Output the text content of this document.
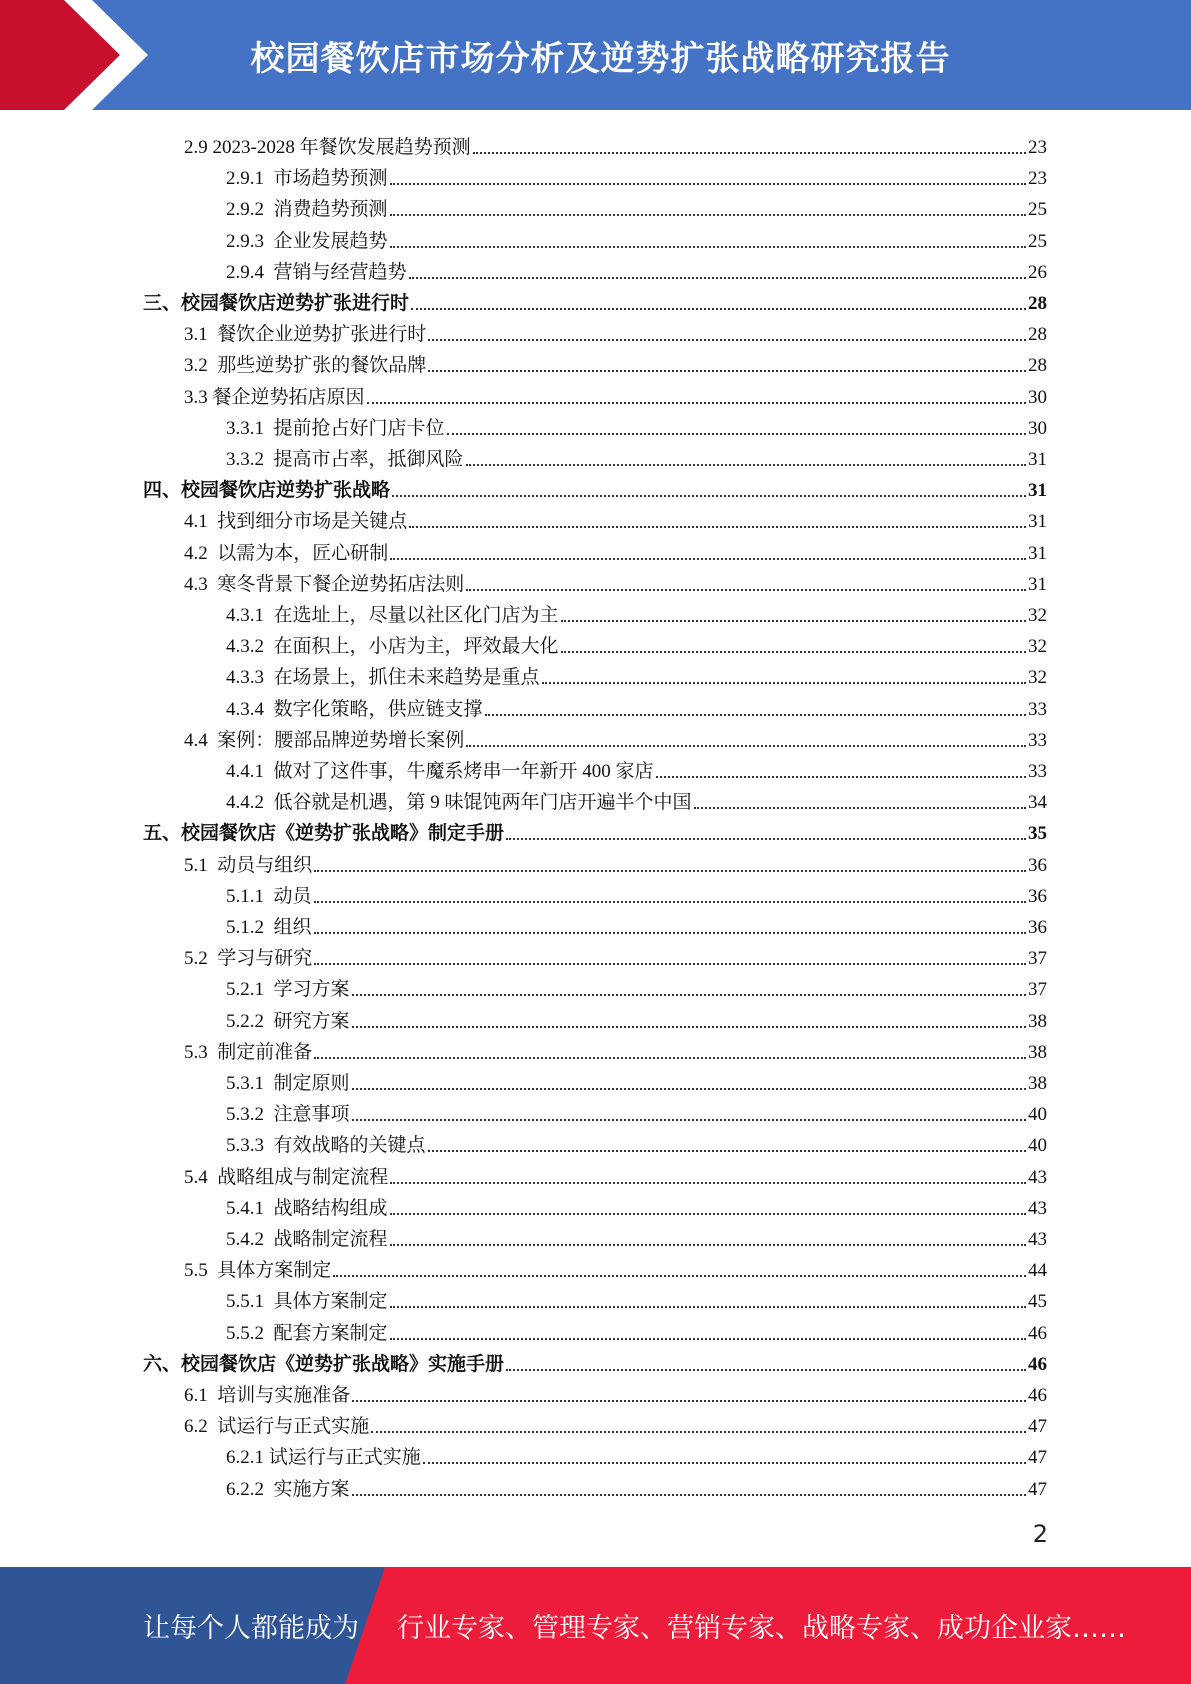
校园餐饮店市场分析及逆势扩张战略研究报告
2.9 2023-2028 年餐饮发展趋势预测	23
2.9.1  市场趋势预测	23
2.9.2  消费趋势预测	25
2.9.3  企业发展趋势	25
2.9.4  营销与经营趋势	26
三、校园餐饮店逆势扩张进行时	28
3.1  餐饮企业逆势扩张进行时	28
3.2  那些逆势扩张的餐饮品牌	28
3.3 餐企逆势拓店原因	30
3.3.1  提前抢占好门店卡位	30
3.3.2  提高市占率，抵御风险	31
四、校园餐饮店逆势扩张战略	31
4.1  找到细分市场是关键点	31
4.2  以需为本，匠心研制	31
4.3  寒冬背景下餐企逆势拓店法则	31
4.3.1  在选址上，尽量以社区化门店为主	32
4.3.2  在面积上，小店为主，坪效最大化	32
4.3.3  在场景上，抓住未来趋势是重点	32
4.3.4  数字化策略，供应链支撑	33
4.4  案例：腰部品牌逆势增长案例	33
4.4.1  做对了这件事，牛魔系烤串一年新开 400 家店	33
4.4.2  低谷就是机遇，第 9 味馄饨两年门店开遍半个中国	34
五、校园餐饮店《逆势扩张战略》制定手册	35
5.1  动员与组织	36
5.1.1  动员	36
5.1.2  组织	36
5.2  学习与研究	37
5.2.1  学习方案	37
5.2.2  研究方案	38
5.3  制定前准备	38
5.3.1  制定原则	38
5.3.2  注意事项	40
5.3.3  有效战略的关键点	40
5.4  战略组成与制定流程	43
5.4.1  战略结构组成	43
5.4.2  战略制定流程	43
5.5  具体方案制定	44
5.5.1  具体方案制定	45
5.5.2  配套方案制定	46
六、校园餐饮店《逆势扩张战略》实施手册	46
6.1  培训与实施准备	46
6.2  试运行与正式实施	47
6.2.1 试运行与正式实施	47
6.2.2  实施方案	47
2
让每个人都能成为 行业专家、管理专家、营销专家、战略专家、成功企业家……
